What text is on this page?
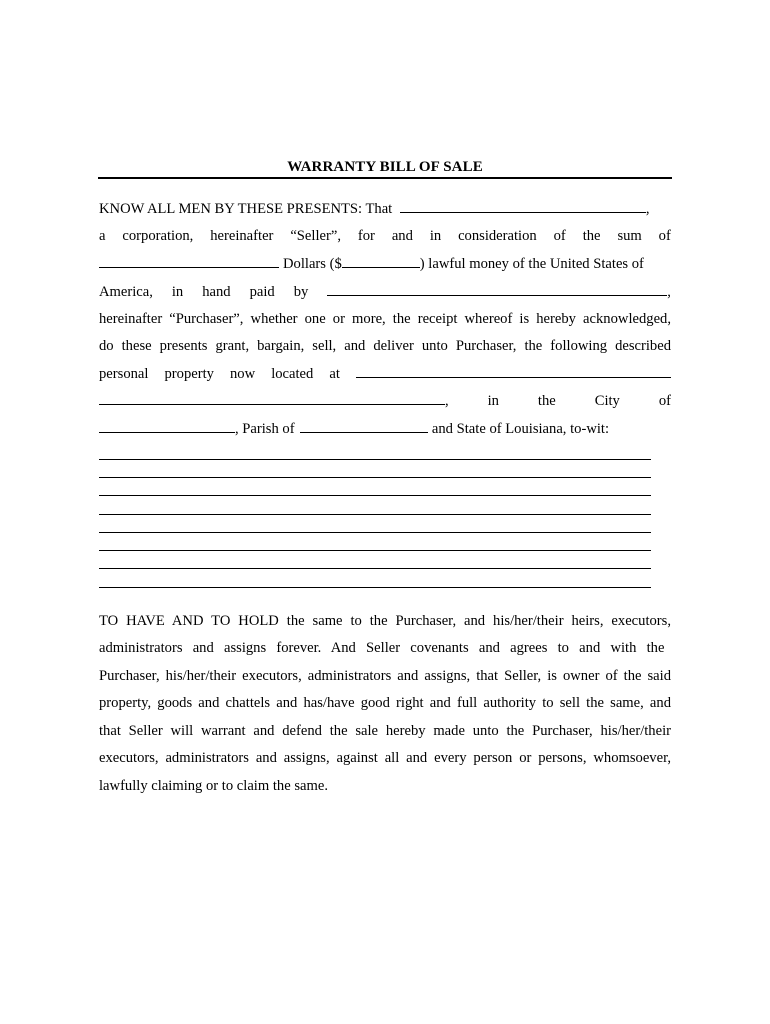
WARRANTY BILL OF SALE
KNOW ALL MEN BY THESE PRESENTS: That	,
a corporation, hereinafter “Seller”, for and in consideration of the sum of
Dollars ($	) lawful money of the United States of
America, in hand paid by	,
hereinafter “Purchaser”, whether one or more, the receipt whereof is hereby acknowledged,
do these presents grant, bargain, sell, and deliver unto Purchaser, the following described
personal property now located at
,	in	the	City	of
, Parish of	and State of Louisiana, to-wit:
TO HAVE AND TO HOLD the same to the Purchaser, and his/her/their heirs, executors,
administrators and assigns forever. And Seller covenants and agrees to and with the
Purchaser, his/her/their executors, administrators and assigns, that Seller, is owner of the said
property, goods and chattels and has/have good right and full authority to sell the same, and
that Seller will warrant and defend the sale hereby made unto the Purchaser, his/her/their
executors, administrators and assigns, against all and every person or persons, whomsoever,
lawfully claiming or to claim the same.
